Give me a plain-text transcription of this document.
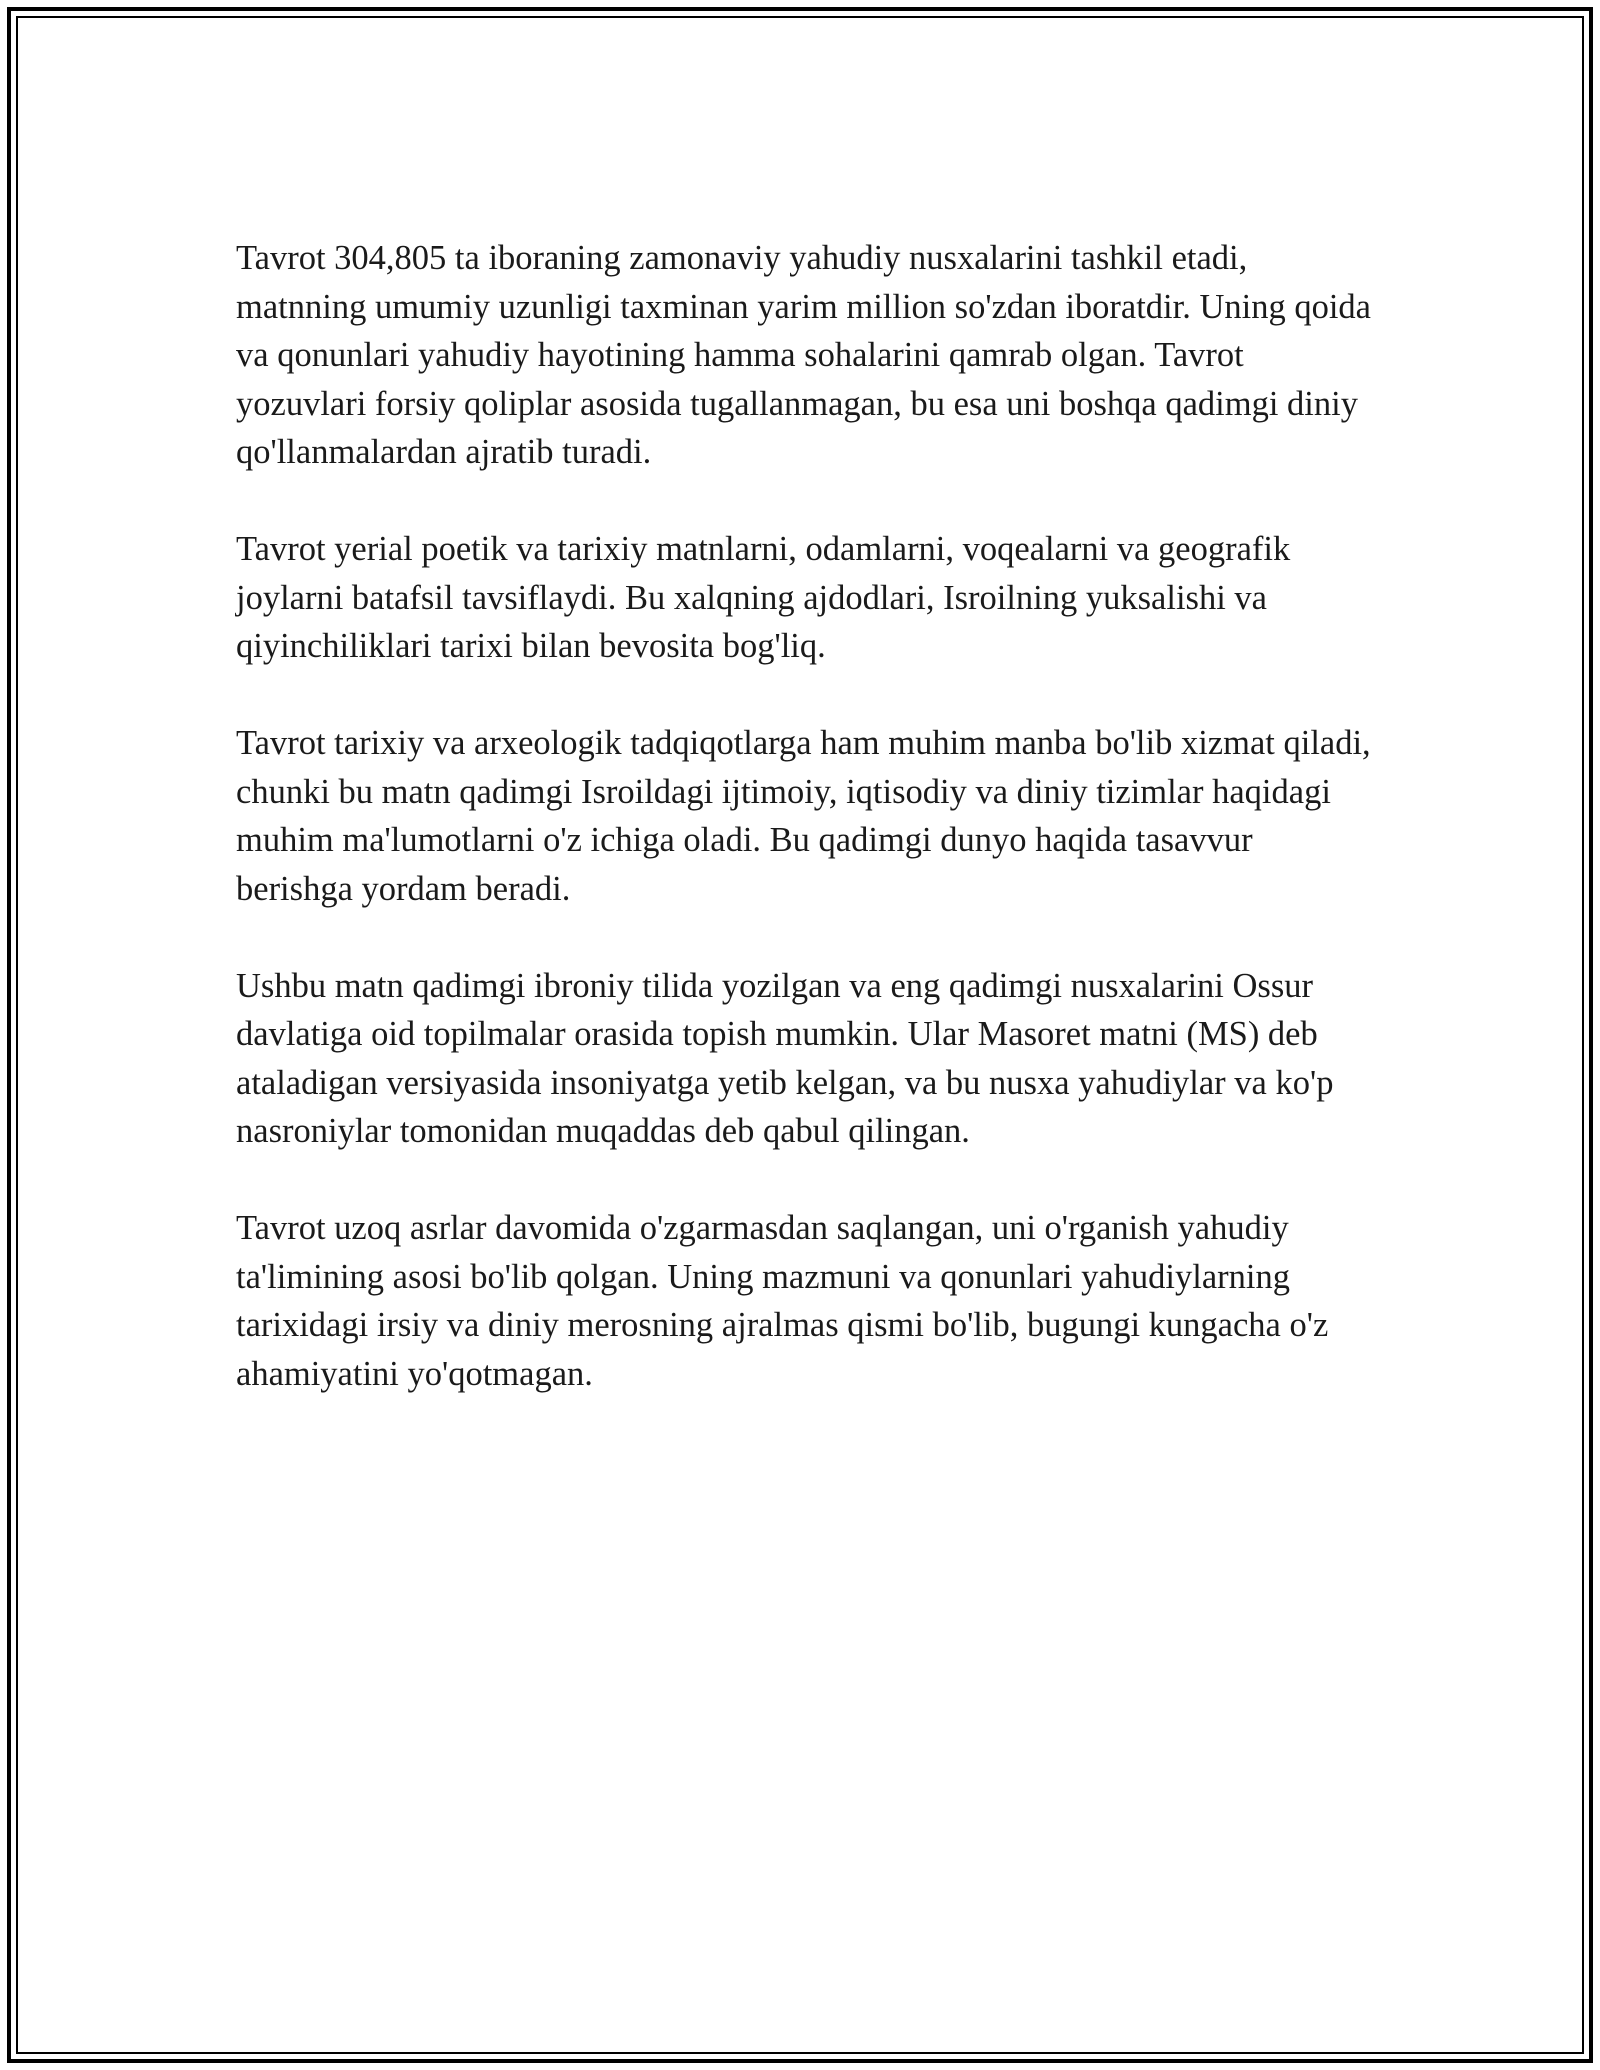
Tavrot 304,805 ta iboraning zamonaviy yahudiy nusxalarini tashkil etadi, matnning umumiy uzunligi taxminan yarim million so'zdan iboratdir. Uning qoida va qonunlari yahudiy hayotining hamma sohalarini qamrab olgan. Tavrot yozuvlari forsiy qoliplar asosida tugallanmagan, bu esa uni boshqa qadimgi diniy qo'llanmalardan ajratib turadi.

Tavrot yerial poetik va tarixiy matnlarni, odamlarni, voqealarni va geografik joylarni batafsil tavsiflaydi. Bu xalqning ajdodlari, Isroilning yuksalishi va qiyinchiliklari tarixi bilan bevosita bog'liq.

Tavrot tarixiy va arxeologik tadqiqotlarga ham muhim manba bo'lib xizmat qiladi, chunki bu matn qadimgi Isroildagi ijtimoiy, iqtisodiy va diniy tizimlar haqidagi muhim ma'lumotlarni o'z ichiga oladi. Bu qadimgi dunyo haqida tasavvur berishga yordam beradi.

Ushbu matn qadimgi ibroniy tilida yozilgan va eng qadimgi nusxalarini Ossur davlatiga oid topilmalar orasida topish mumkin. Ular Masoret matni (MS) deb ataladigan versiyasida insoniyatga yetib kelgan, va bu nusxa yahudiylar va ko'p nasroniylar tomonidan muqaddas deb qabul qilingan.

Tavrot uzoq asrlar davomida o'zgarmasdan saqlangan, uni o'rganish yahudiy ta'limining asosi bo'lib qolgan. Uning mazmuni va qonunlari yahudiylarning tarixidagi irsiy va diniy merosning ajralmas qismi bo'lib, bugungi kungacha o'z ahamiyatini yo'qotmagan.
